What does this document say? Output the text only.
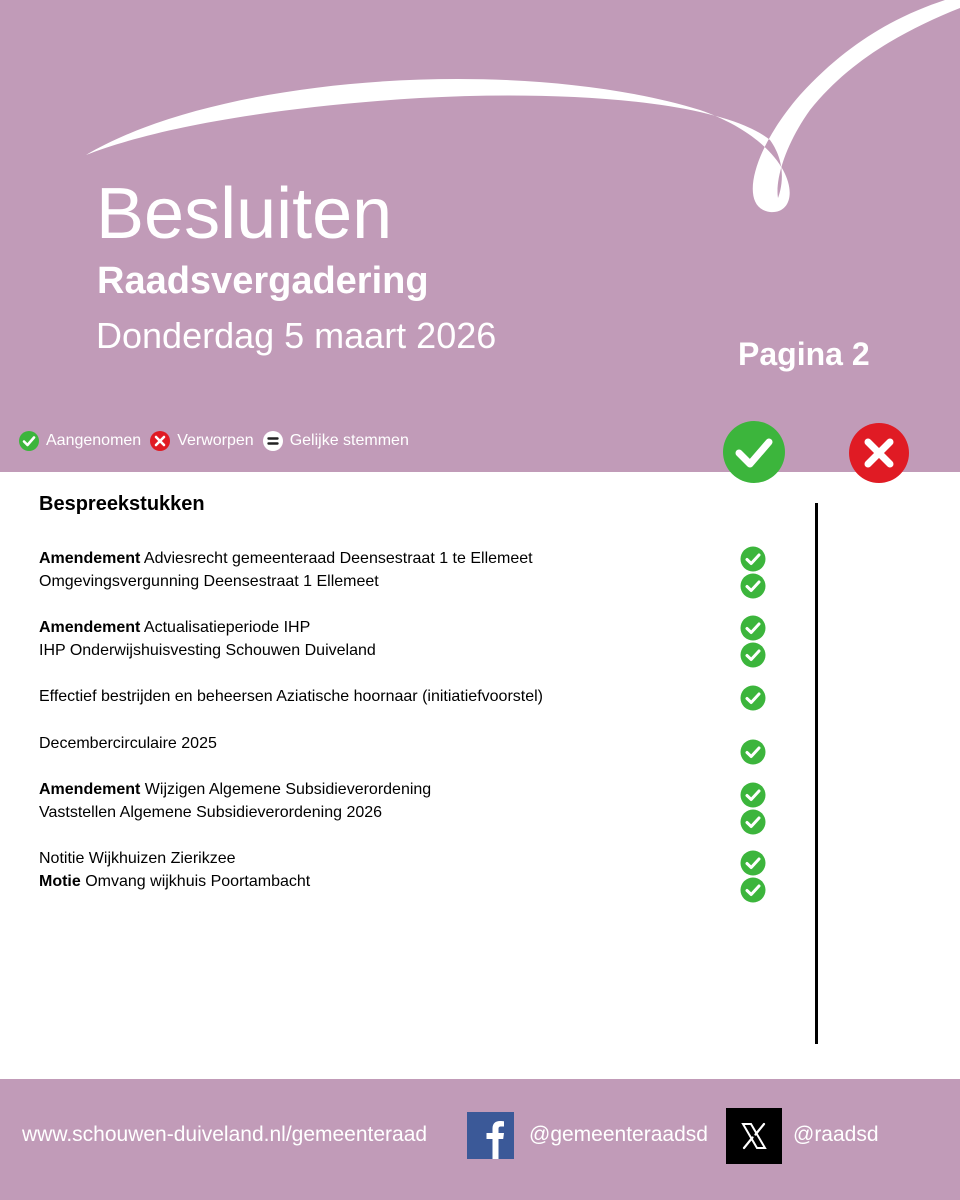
Besluiten
Raadsvergadering
Donderdag 5 maart 2026	Pagina 2
Aangenomen Verworpen Gelijke stemmen
Bespreekstukken
Amendement Adviesrecht gemeenteraad Deensestraat 1 te Ellemeet
Omgevingsvergunning Deensestraat 1 Ellemeet
Amendement Actualisatieperiode IHP
IHP Onderwijshuisvesting Schouwen Duiveland
Effectief bestrijden en beheersen Aziatische hoornaar (initiatiefvoorstel)
Decembercirculaire 2025
Amendement Wijzigen Algemene Subsidieverordening
Vaststellen Algemene Subsidieverordening 2026
Notitie Wijkhuizen Zierikzee
Motie Omvang wijkhuis Poortambacht
www.schouwen-duiveland.nl/gemeenteraad	@gemeenteraadsd	@raadsd
